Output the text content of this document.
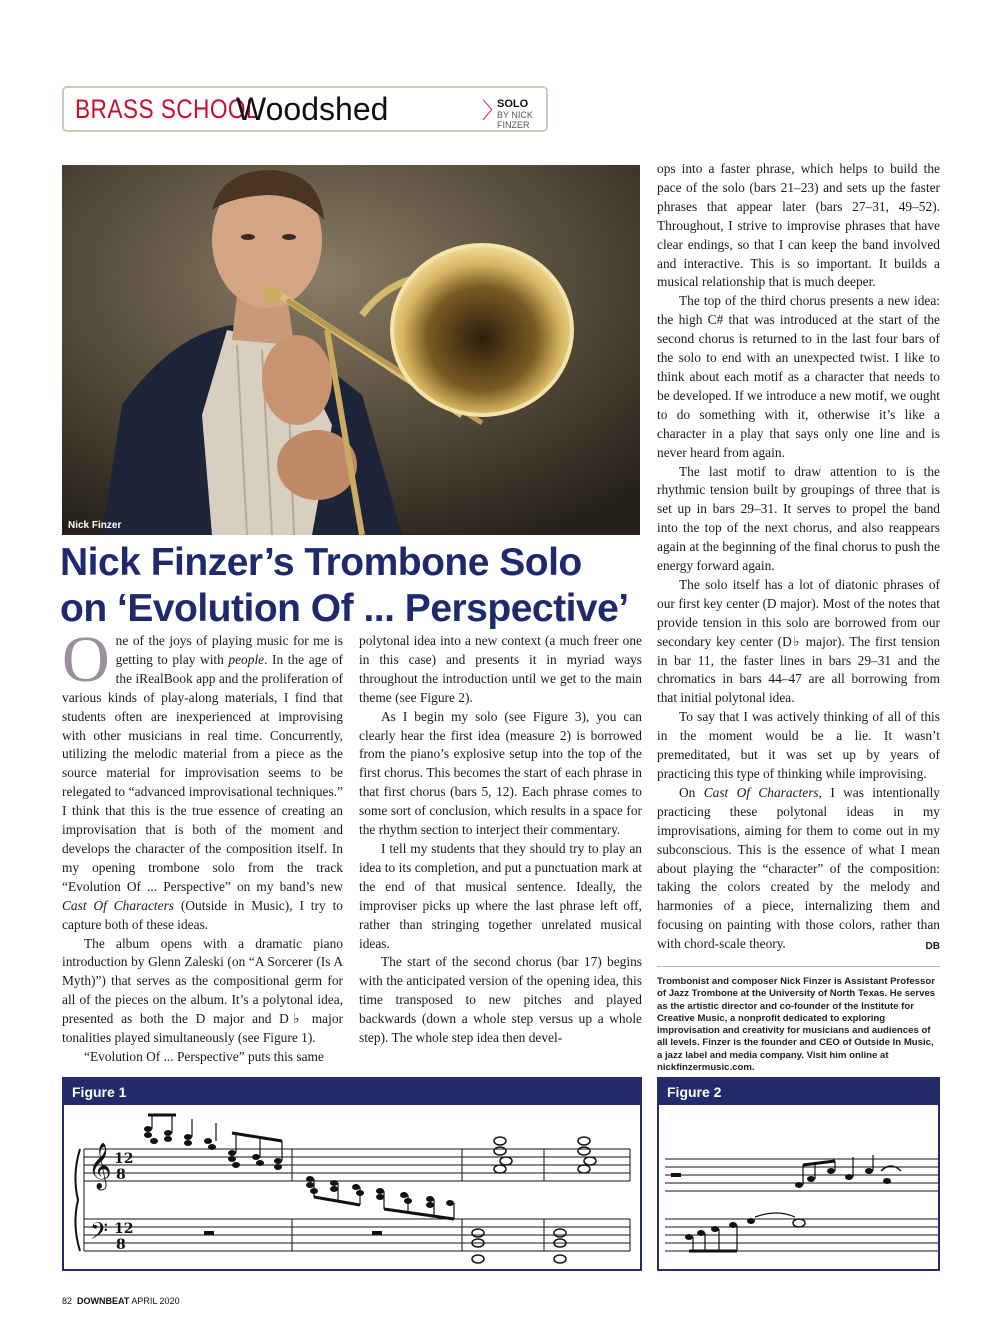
BRASS SCHOOL
Woodshed	〉
SOLO
BY NICK FINZER
Nick Finzer
COURTESY OF THE ARTIST
Nick Finzer’s Trombone Solo
on ‘Evolution Of ... Perspective’

One of the joys of playing music for me is getting to play with people. In the age of the iRealBook app and the proliferation of various kinds of play-along materials, I find that students often are inexperienced at improvising with other musicians in real time. Concurrently, utilizing the melodic material from a piece as the source material for improvisation seems to be relegated to “advanced improvisational techniques.” I think that this is the true essence of creating an improvisation that is both of the moment and develops the character of the composition itself. In my opening trombone solo from the track “Evolution Of ... Perspective” on my band’s new Cast Of Characters (Outside in Music), I try to capture both of these ideas.

The album opens with a dramatic piano introduction by Glenn Zaleski (on “A Sorcerer (Is A Myth)”) that serves as the compositional germ for all of the pieces on the album. It’s a polytonal idea, presented as both the D major and D♭ major tonalities played simultaneously (see Figure 1).

“Evolution Of ... Perspective” puts this same

polytonal idea into a new context (a much freer one in this case) and presents it in myriad ways throughout the introduction until we get to the main theme (see Figure 2).

As I begin my solo (see Figure 3), you can clearly hear the first idea (measure 2) is borrowed from the piano’s explosive setup into the top of the first chorus. This becomes the start of each phrase in that first chorus (bars 5, 12). Each phrase comes to some sort of conclusion, which results in a space for the rhythm section to interject their commentary.

I tell my students that they should try to play an idea to its completion, and put a punctuation mark at the end of that musical sentence. Ideally, the improviser picks up where the last phrase left off, rather than stringing together unrelated musical ideas.

The start of the second chorus (bar 17) begins with the anticipated version of the opening idea, this time transposed to new pitches and played backwards (down a whole step versus up a whole step). The whole step idea then devel-

ops into a faster phrase, which helps to build the pace of the solo (bars 21–23) and sets up the faster phrases that appear later (bars 27–31, 49–52). Throughout, I strive to improvise phrases that have clear endings, so that I can keep the band involved and interactive. This is so important. It builds a musical relationship that is much deeper.

The top of the third chorus presents a new idea: the high C# that was introduced at the start of the second chorus is returned to in the last four bars of the solo to end with an unexpected twist. I like to think about each motif as a character that needs to be developed. If we introduce a new motif, we ought to do something with it, otherwise it’s like a character in a play that says only one line and is never heard from again.

The last motif to draw attention to is the rhythmic tension built by groupings of three that is set up in bars 29–31. It serves to propel the band into the top of the next chorus, and also reappears again at the beginning of the final chorus to push the energy forward again.

The solo itself has a lot of diatonic phrases of our first key center (D major). Most of the notes that provide tension in this solo are borrowed from our secondary key center (D♭ major). The first tension in bar 11, the faster lines in bars 29–31 and the chromatics in bars 44–47 are all borrowing from that initial polytonal idea.

To say that I was actively thinking of all of this in the moment would be a lie. It wasn’t premeditated, but it was set up by years of practicing this type of thinking while improvising.

On Cast Of Characters, I was intentionally practicing these polytonal ideas in my improvisations, aiming for them to come out in my subconscious. This is the essence of what I mean about playing the “character” of the composition: taking the colors created by the melody and harmonies of a piece, internalizing them and focusing on painting with those colors, rather than with chord-scale theory.	DB

Trombonist and composer Nick Finzer is Assistant Professor of Jazz Trombone at the University of North Texas. He serves as the artistic director and co-founder of the Institute for Creative Music, a nonprofit dedicated to exploring improvisation and creativity for musicians and audiences of all levels. Finzer is the founder and CEO of Outside In Music, a jazz label and media company. Visit him online at nickfinzermusic.com.

Figure 1
𝄞
𝄢
12
8
12
8
Figure 2
82 DOWNBEAT APRIL 2020
